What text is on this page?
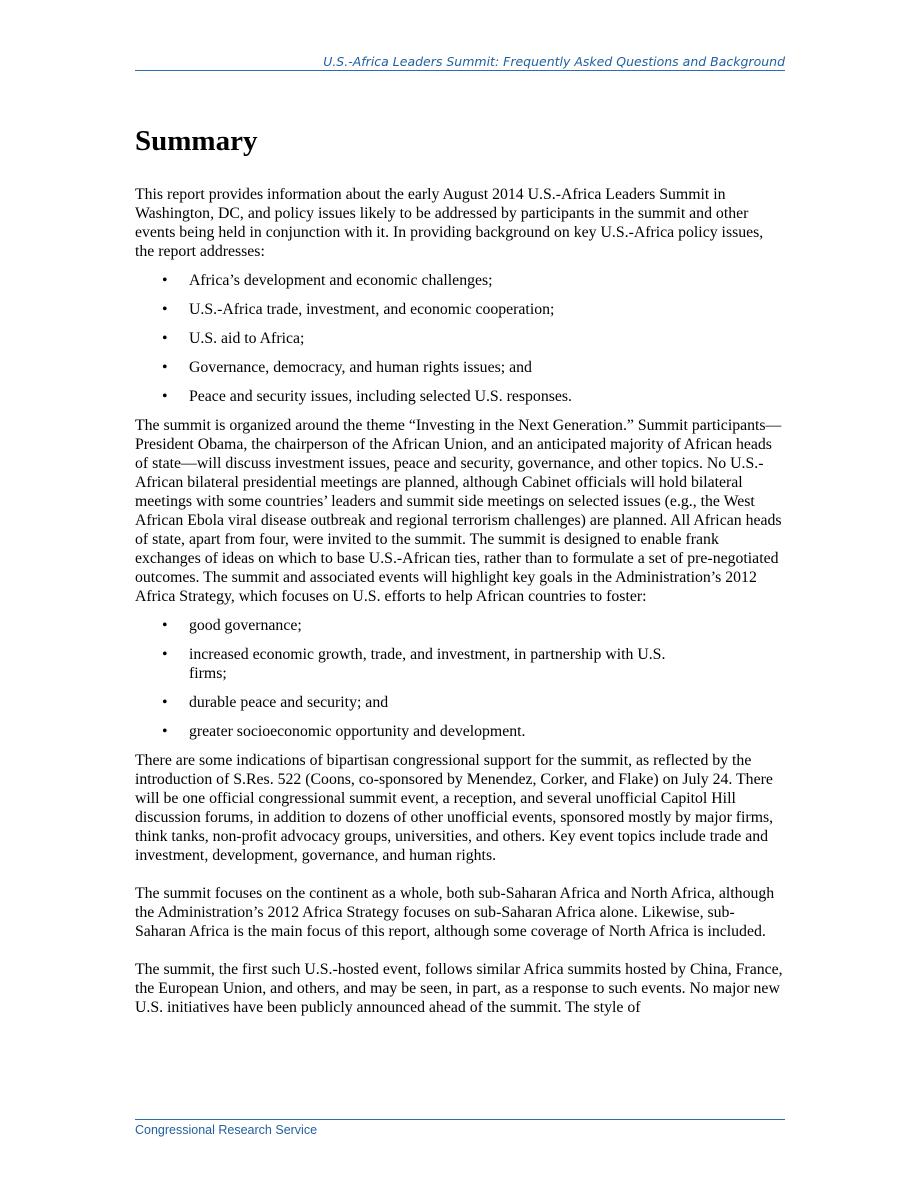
U.S.-Africa Leaders Summit: Frequently Asked Questions and Background
Summary

This report provides information about the early August 2014 U.S.-Africa Leaders Summit in Washington, DC, and policy issues likely to be addressed by participants in the summit and other events being held in conjunction with it. In providing background on key U.S.-Africa policy issues, the report addresses:

• Africa’s development and economic challenges;
• U.S.-Africa trade, investment, and economic cooperation;
• U.S. aid to Africa;
• Governance, democracy, and human rights issues; and
• Peace and security issues, including selected U.S. responses.

The summit is organized around the theme “Investing in the Next Generation.” Summit participants—President Obama, the chairperson of the African Union, and an anticipated majority of African heads of state—will discuss investment issues, peace and security, governance, and other topics. No U.S.-African bilateral presidential meetings are planned, although Cabinet officials will hold bilateral meetings with some countries’ leaders and summit side meetings on selected issues (e.g., the West African Ebola viral disease outbreak and regional terrorism challenges) are planned. All African heads of state, apart from four, were invited to the summit. The summit is designed to enable frank exchanges of ideas on which to base U.S.-African ties, rather than to formulate a set of pre-negotiated outcomes. The summit and associated events will highlight key goals in the Administration’s 2012 Africa Strategy, which focuses on U.S. efforts to help African countries to foster:

• good governance;
• increased economic growth, trade, and investment, in partnership with U.S. firms;
• durable peace and security; and
• greater socioeconomic opportunity and development.

There are some indications of bipartisan congressional support for the summit, as reflected by the introduction of S.Res. 522 (Coons, co-sponsored by Menendez, Corker, and Flake) on July 24. There will be one official congressional summit event, a reception, and several unofficial Capitol Hill discussion forums, in addition to dozens of other unofficial events, sponsored mostly by major firms, think tanks, non-profit advocacy groups, universities, and others. Key event topics include trade and investment, development, governance, and human rights.

The summit focuses on the continent as a whole, both sub-Saharan Africa and North Africa, although the Administration’s 2012 Africa Strategy focuses on sub-Saharan Africa alone. Likewise, sub-Saharan Africa is the main focus of this report, although some coverage of North Africa is included.

The summit, the first such U.S.-hosted event, follows similar Africa summits hosted by China, France, the European Union, and others, and may be seen, in part, as a response to such events. No major new U.S. initiatives have been publicly announced ahead of the summit. The style of

Congressional Research Service
